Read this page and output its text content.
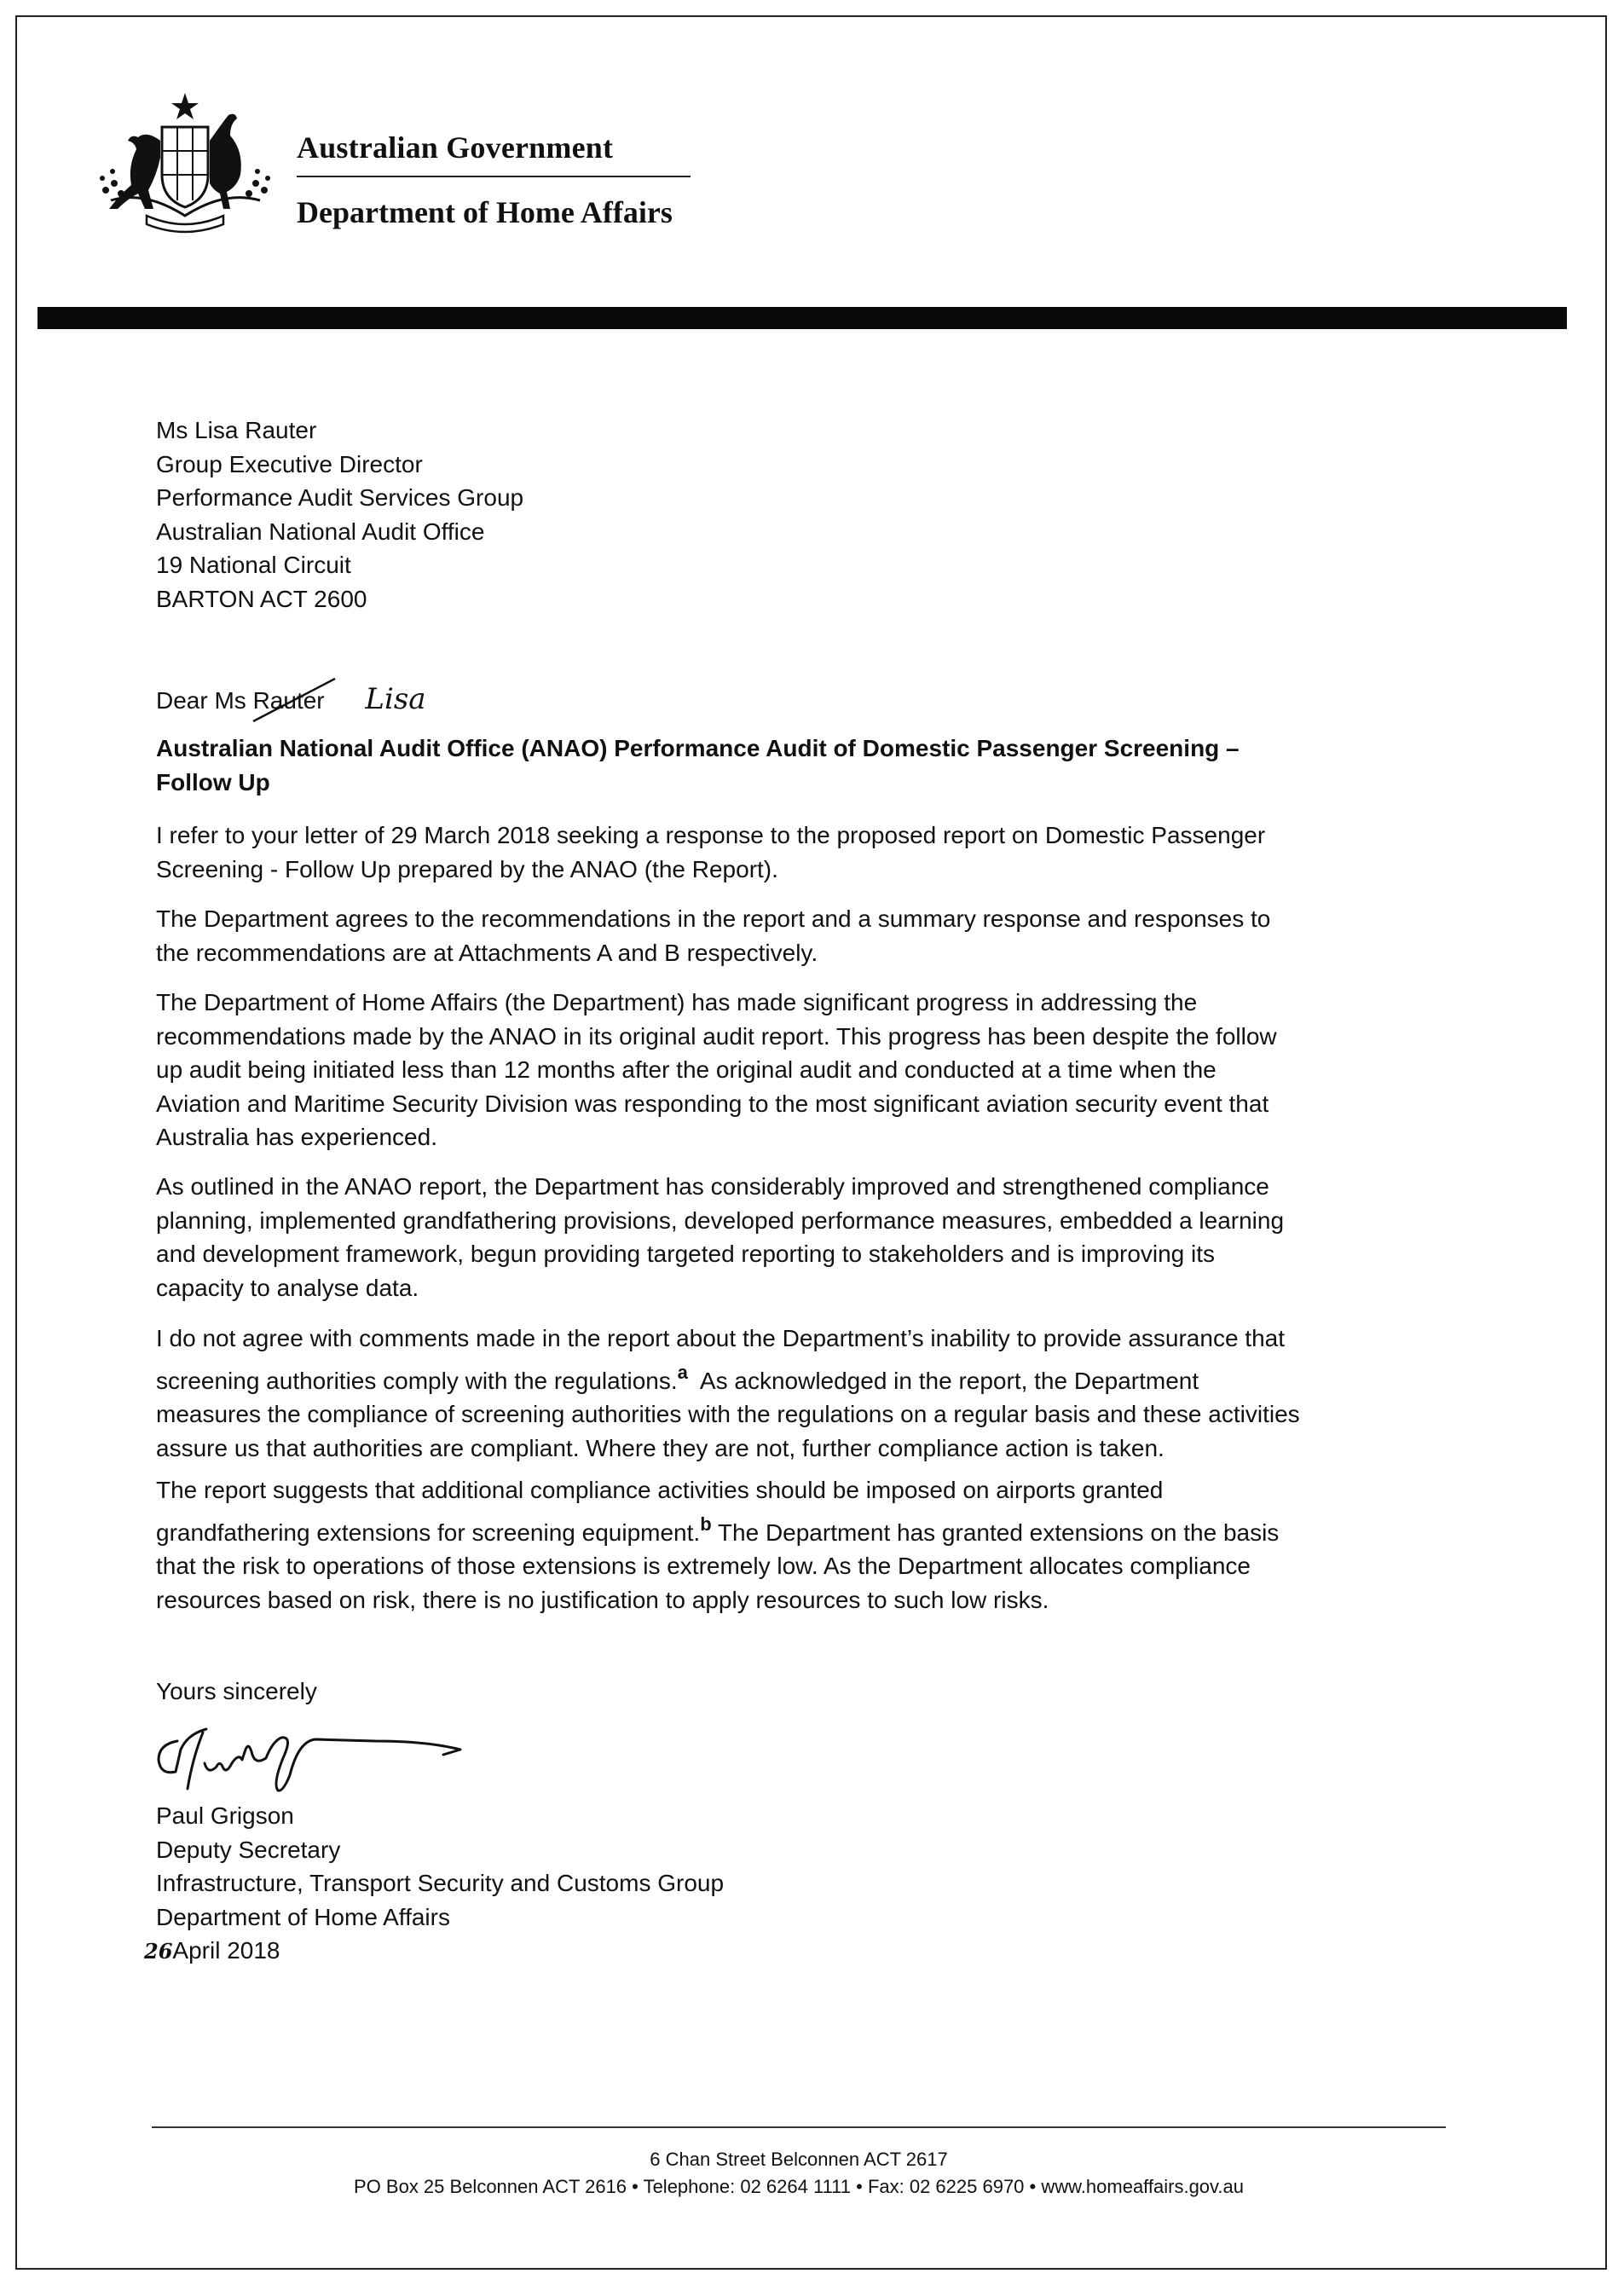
Australian Government
Department of Home Affairs
Ms Lisa Rauter
Group Executive Director
Performance Audit Services Group
Australian National Audit Office
19 National Circuit
BARTON ACT 2600
Dear Ms Rauter Lisa
Australian National Audit Office (ANAO) Performance Audit of Domestic Passenger Screening –
Follow Up
I refer to your letter of 29 March 2018 seeking a response to the proposed report on Domestic Passenger
Screening - Follow Up prepared by the ANAO (the Report).
The Department agrees to the recommendations in the report and a summary response and responses to
the recommendations are at Attachments A and B respectively.
The Department of Home Affairs (the Department) has made significant progress in addressing the
recommendations made by the ANAO in its original audit report. This progress has been despite the follow
up audit being initiated less than 12 months after the original audit and conducted at a time when the
Aviation and Maritime Security Division was responding to the most significant aviation security event that
Australia has experienced.
As outlined in the ANAO report, the Department has considerably improved and strengthened compliance
planning, implemented grandfathering provisions, developed performance measures, embedded a learning
and development framework, begun providing targeted reporting to stakeholders and is improving its
capacity to analyse data.
I do not agree with comments made in the report about the Department’s inability to provide assurance that
screening authorities comply with the regulations.$^a$  As acknowledged in the report, the Department
measures the compliance of screening authorities with the regulations on a regular basis and these activities
assure us that authorities are compliant. Where they are not, further compliance action is taken.
The report suggests that additional compliance activities should be imposed on airports granted
grandfathering extensions for screening equipment.$^b$ The Department has granted extensions on the basis
that the risk to operations of those extensions is extremely low. As the Department allocates compliance
resources based on risk, there is no justification to apply resources to such low risks.
Yours sincerely
Paul Grigson
Deputy Secretary
Infrastructure, Transport Security and Customs Group
Department of Home Affairs
26April 2018
6 Chan Street Belconnen ACT 2617
PO Box 25 Belconnen ACT 2616 • Telephone: 02 6264 1111 • Fax: 02 6225 6970 • www.homeaffairs.gov.au
